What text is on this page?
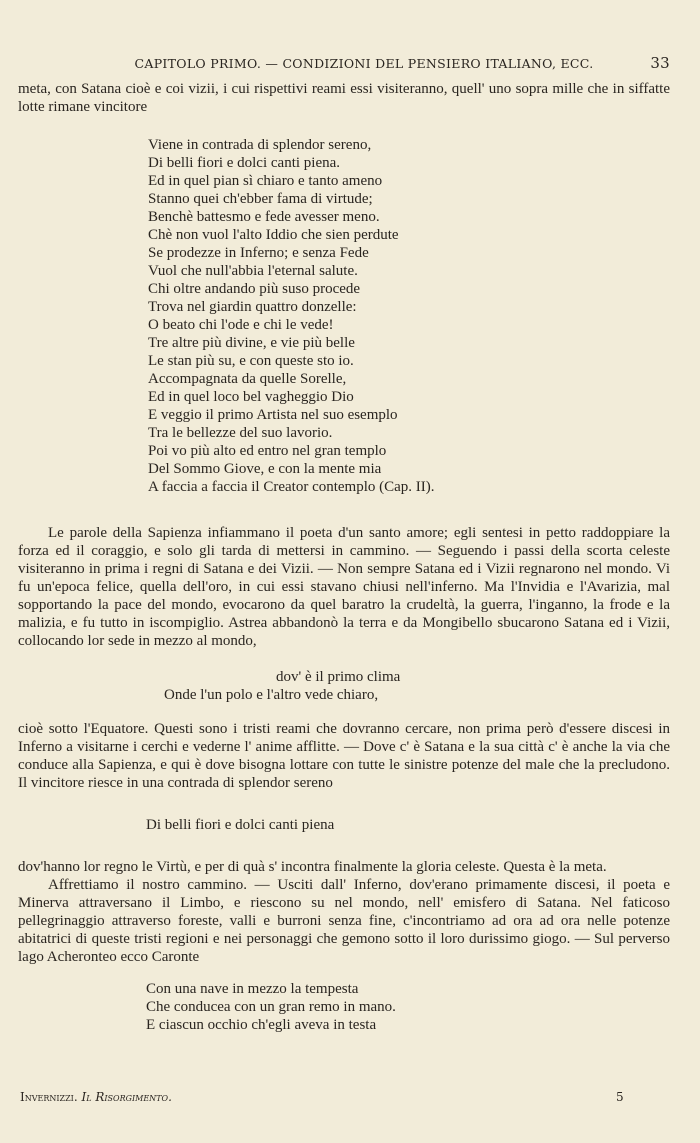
CAPITOLO PRIMO. — CONDIZIONI DEL PENSIERO ITALIANO, ECC.	33

meta, con Satana cioè e coi vizii, i cui rispettivi reami essi visiteranno, quell' uno sopra mille che in siffatte lotte rimane vincitore

Viene in contrada di splendor sereno,
Di belli fiori e dolci canti piena.
Ed in quel pian sì chiaro e tanto ameno
Stanno quei ch'ebber fama di virtude;
Benchè battesmo e fede avesser meno.
Chè non vuol l'alto Iddio che sien perdute
Se prodezze in Inferno; e senza Fede
Vuol che null'abbia l'eternal salute.
Chi oltre andando più suso procede
Trova nel giardin quattro donzelle:
O beato chi l'ode e chi le vede!
Tre altre più divine, e vie più belle
Le stan più su, e con queste sto io.
Accompagnata da quelle Sorelle,
Ed in quel loco bel vagheggio Dio
E veggio il primo Artista nel suo esemplo
Tra le bellezze del suo lavorio.
Poi vo più alto ed entro nel gran templo
Del Sommo Giove, e con la mente mia
A faccia a faccia il Creator contemplo (Cap. II).

Le parole della Sapienza infiammano il poeta d'un santo amore; egli sentesi in petto raddoppiare la forza ed il coraggio, e solo gli tarda di mettersi in cammino. — Seguendo i passi della scorta celeste visiteranno in prima i regni di Satana e dei Vizii. — Non sempre Satana ed i Vizii regnarono nel mondo. Vi fu un'epoca felice, quella dell'oro, in cui essi stavano chiusi nell'inferno. Ma l'Invidia e l'Avarizia, mal sopportando la pace del mondo, evocarono da quel baratro la crudeltà, la guerra, l'inganno, la frode e la malizia, e fu tutto in iscompiglio. Astrea abbandonò la terra e da Mongibello sbucarono Satana ed i Vizii, collocando lor sede in mezzo al mondo,

dov' è il primo clima
Onde l'un polo e l'altro vede chiaro,

cioè sotto l'Equatore. Questi sono i tristi reami che dovranno cercare, non prima però d'essere discesi in Inferno a visitarne i cerchi e vederne l' anime afflitte. — Dove c' è Satana e la sua città c' è anche la via che conduce alla Sapienza, e qui è dove bisogna lottare con tutte le sinistre potenze del male che la precludono. Il vincitore riesce in una contrada di splendor sereno

Di belli fiori e dolci canti piena

dov'hanno lor regno le Virtù, e per di quà s' incontra finalmente la gloria celeste. Questa è la meta.

Affrettiamo il nostro cammino. — Usciti dall' Inferno, dov'erano primamente discesi, il poeta e Minerva attraversano il Limbo, e riescono su nel mondo, nell' emisfero di Satana. Nel faticoso pellegrinaggio attraverso foreste, valli e burroni senza fine, c'incontriamo ad ora ad ora nelle potenze abitatrici di queste tristi regioni e nei personaggi che gemono sotto il loro durissimo giogo. — Sul perverso lago Acheronteo ecco Caronte

Con una nave in mezzo la tempesta
Che conducea con un gran remo in mano.
E ciascun occhio ch'egli aveva in testa
Invernizzi. Il Risorgimento.	5
